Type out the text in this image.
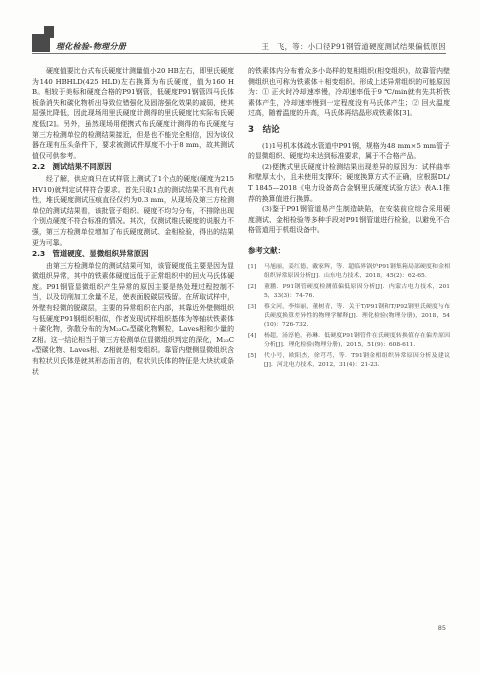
理化检验-物理分册	王　飞，等：小口径P91钢管道硬度测试结果偏低原因

硬度值要比台式布氏硬度计测量值小20 HB左右，即里氏硬度为140 HBHLD(425 HLD)左右换算为布氏硬度，值为160 HB。相较于美标和硬度合格的P91钢管，低硬度P91钢管四马氏体板条消失和碳化物析出导致位错强化及固溶强化效果的减弱，使其屈强比降低，因此现场用里氏硬度计测得的里氏硬度比实际布氏硬度低[2]。另外，虽然现场用便携式布氏硬度计测得的布氏硬度与第三方检测单位的检测结果接近，但是也不能完全相信，因为该仪器在现有压头条件下，要求被测试件厚度不小于8 mm，故其测试值仅可供参考。

2.2　测试结果不同原因

经了解，供应商只在试样管上测试了1个点的硬度(硬度为215 HV10)就判定试样符合要求。首先只取1点的测试结果不具有代表性，堆氏硬度测试压痕直径仅约为0.3 mm，从现场及第三方检测单位的测试结果看，该批管子组织、硬度不均匀分布，不排除出现个别点硬度不符合标准的情况。其次，仅测试维氏硬度的说服力不强，第三方检测单位增加了布氏硬度测试、金相检验，得出的结果更为可靠。

2.3　管道硬度、显微组织异常原因

由第三方检测单位的测试结果可知，该管硬度低主要是因为显微组织异常，其中的铁素体硬度远低于正常组织中的回火马氏体硬度。P91钢管显微组织产生异常的原因主要是热处理过程控制不当，以及切削加工余量不足，使表面脱碳层残留。在所取试样中，外壁有轻微的脱碳层，主要的异常组织在内部，其靠近外壁侧组织与低硬度P91钢组织相似，作者发现试样组织基体为等轴状铁素体＋碳化物，弥散分布的为M₂₃C₆型碳化物颗粒，Laves相和少量的Z相。这一结论相当于第三方检测单位显微组织判定的深化，M₂₃C₆型碳化物、Laves相、Z相就是相变组织。靠管内壁侧显微组织含有粒状贝氏体是就其形态而言的，粒状贝氏体的特征是大块状或条状

的铁素体内分布着众多小岛样的复相组织(相变组织)，故靠管内壁侧组织也可称为铁素体＋相变组织。形成上述异常组织的可能原因为：① 正火时冷却速率慢，冷却速率低于9 ℃/min就有先共析铁素体产生，冷却速率慢到一定程度没有马氏体产生；② 回火温度过高，随着温度的升高，马氏体再结晶形成铁素体[3]。

3　结论

(1)1号机本体疏水管道中P91钢，规格为48 mm×5 mm管子的显微组织、硬度均未达到标准要求，属于不合格产品。

(2)便携式里氏硬度计检测结果出现差异的原因为：试样曲率和壁厚太小，且未使用支撑环；硬度换算方式不正确，应根据DL/T 1845—2018《电力设备高合金钢里氏硬度试验方法》表A.1推荐的换算值进行换算。

(3)鉴于P91钢管道易产生制造缺陷，在安装前应综合采用硬度测试、金相检验等多种手段对P91钢管道进行检验，以避免不合格管道用于机组设备中。

参考文献：
[1]	马旭丽，姜红德，戴家辉，等．超临界锅炉P91钢集箱局部硬度和金相组织异常原因分析[J]．山东电力技术，2018，45(2)：62-65.
[2]	董鹏．P91钢管硬度检测值偏低原因分析[J]．内蒙古电力技术，2015，33(3)：74-76.
[3]	蔡文河，李炜丽，董树青，等．关于T/P91钢和T/P92钢里氏硬度与布氏硬度换算差异性的物理学解释[J]．理化检验(物理分册)，2018，54(10)：726-732.
[4]	杨超，汤淳艳，孙琳．低硬度P91钢管件在氏硬度转换值存在偏差原因分析[J]．理化检验(物理分册)，2015，51(9)：608-611.
[5]	代小号，欧阳杰，徐芎芎，等．T91钢金相组织异常原因分析及建议[J]．河北电力技术，2012，31(4)：21-23.
85
